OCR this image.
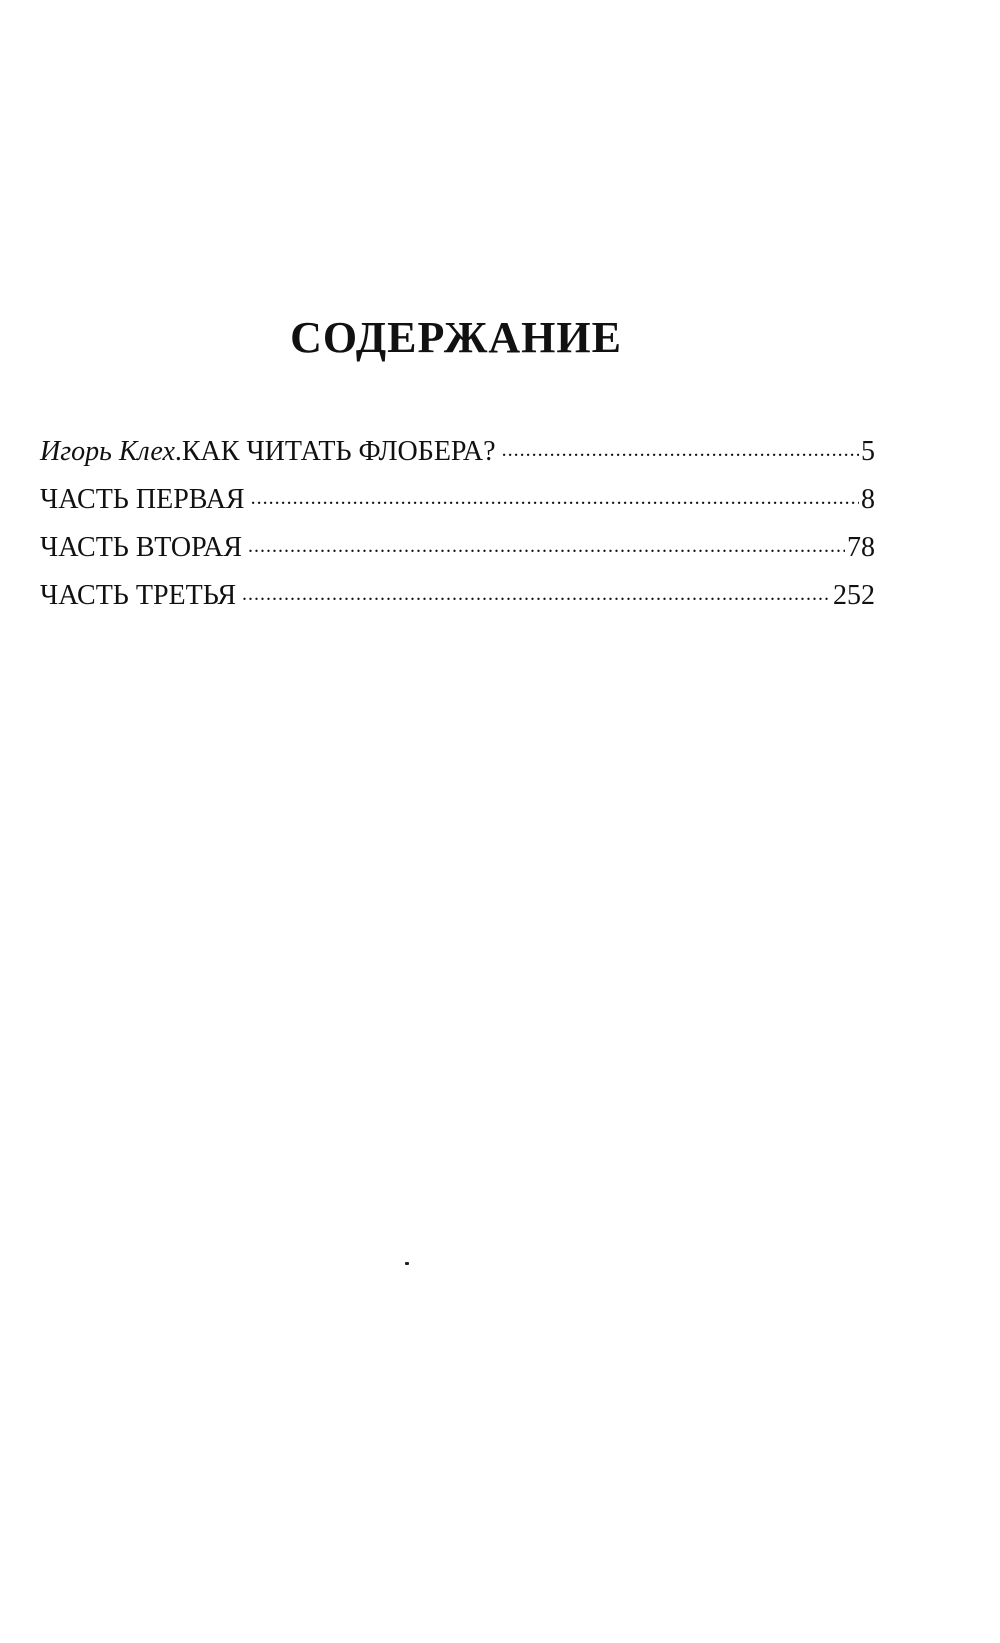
СОДЕРЖАНИЕ
Игорь Клех . КАК ЧИТАТЬ ФЛОБЕРА? .....	5
ЧАСТЬ ПЕРВАЯ .....	8
ЧАСТЬ ВТОРАЯ .....	78
ЧАСТЬ ТРЕТЬЯ .....	252
